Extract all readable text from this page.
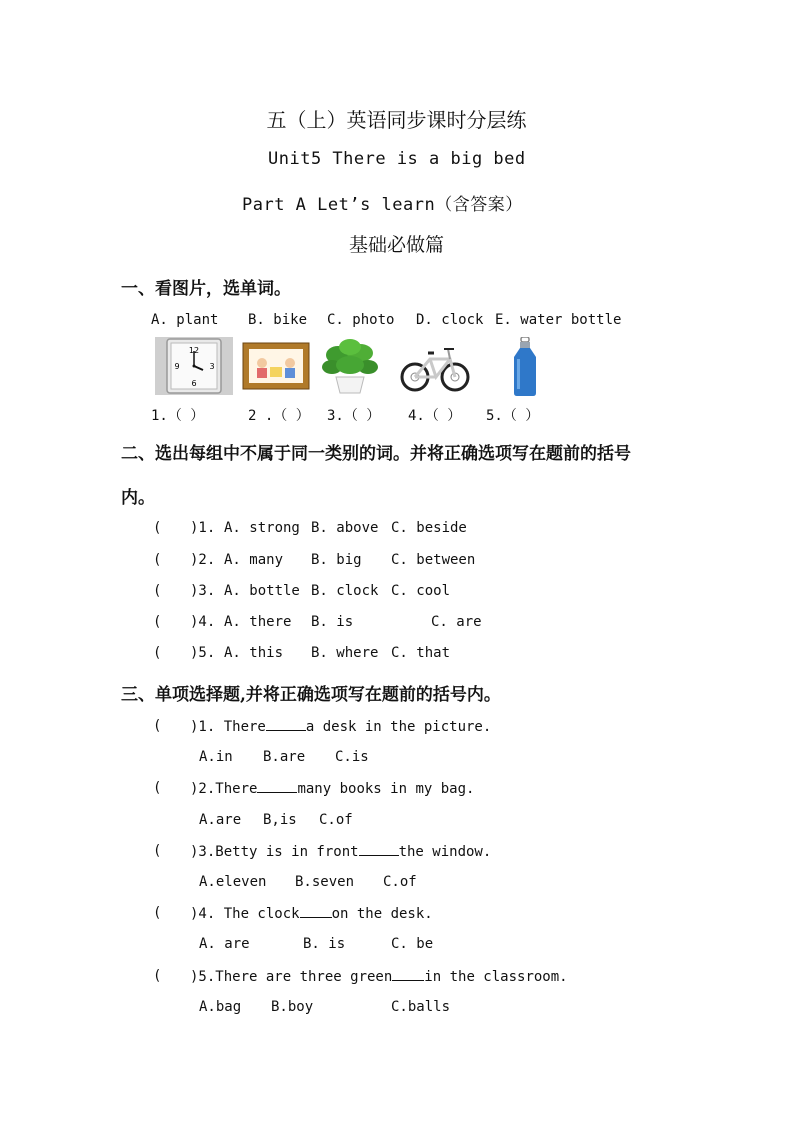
五（上）英语同步课时分层练
Unit5 There is a big bed
Part A Let’s learn（含答案）
基础必做篇
一、看图片，选单词。
A. plant B. bike C. photo D. clock E. water bottle
12
3
6
9
1.（ ）	2 .（ ） 3.（ ） 4.（ ） 5.（ ）
二、选出每组中不属于同一类别的词。并将正确选项写在题前的括号
内。
( )1. A. strong B. above C. beside
( )2. A. many B. big C. between
( )3. A. bottle B. clock C. cool
( )4. A. there B. is	C. are
( )5. A. this B. where C. that
三、单项选择题,并将正确选项写在题前的括号内。
( )1. There	a desk in the picture.
A.in B.are C.is
( )2.There	many books in my bag.
A.are B,is C.of
( )3.Betty is in front	the window.
A.eleven B.seven C.of
( )4. The clock on the desk.
A. are	B. is	C. be
( )5.There are three green in the classroom.
A.bag B.boy	C.balls
